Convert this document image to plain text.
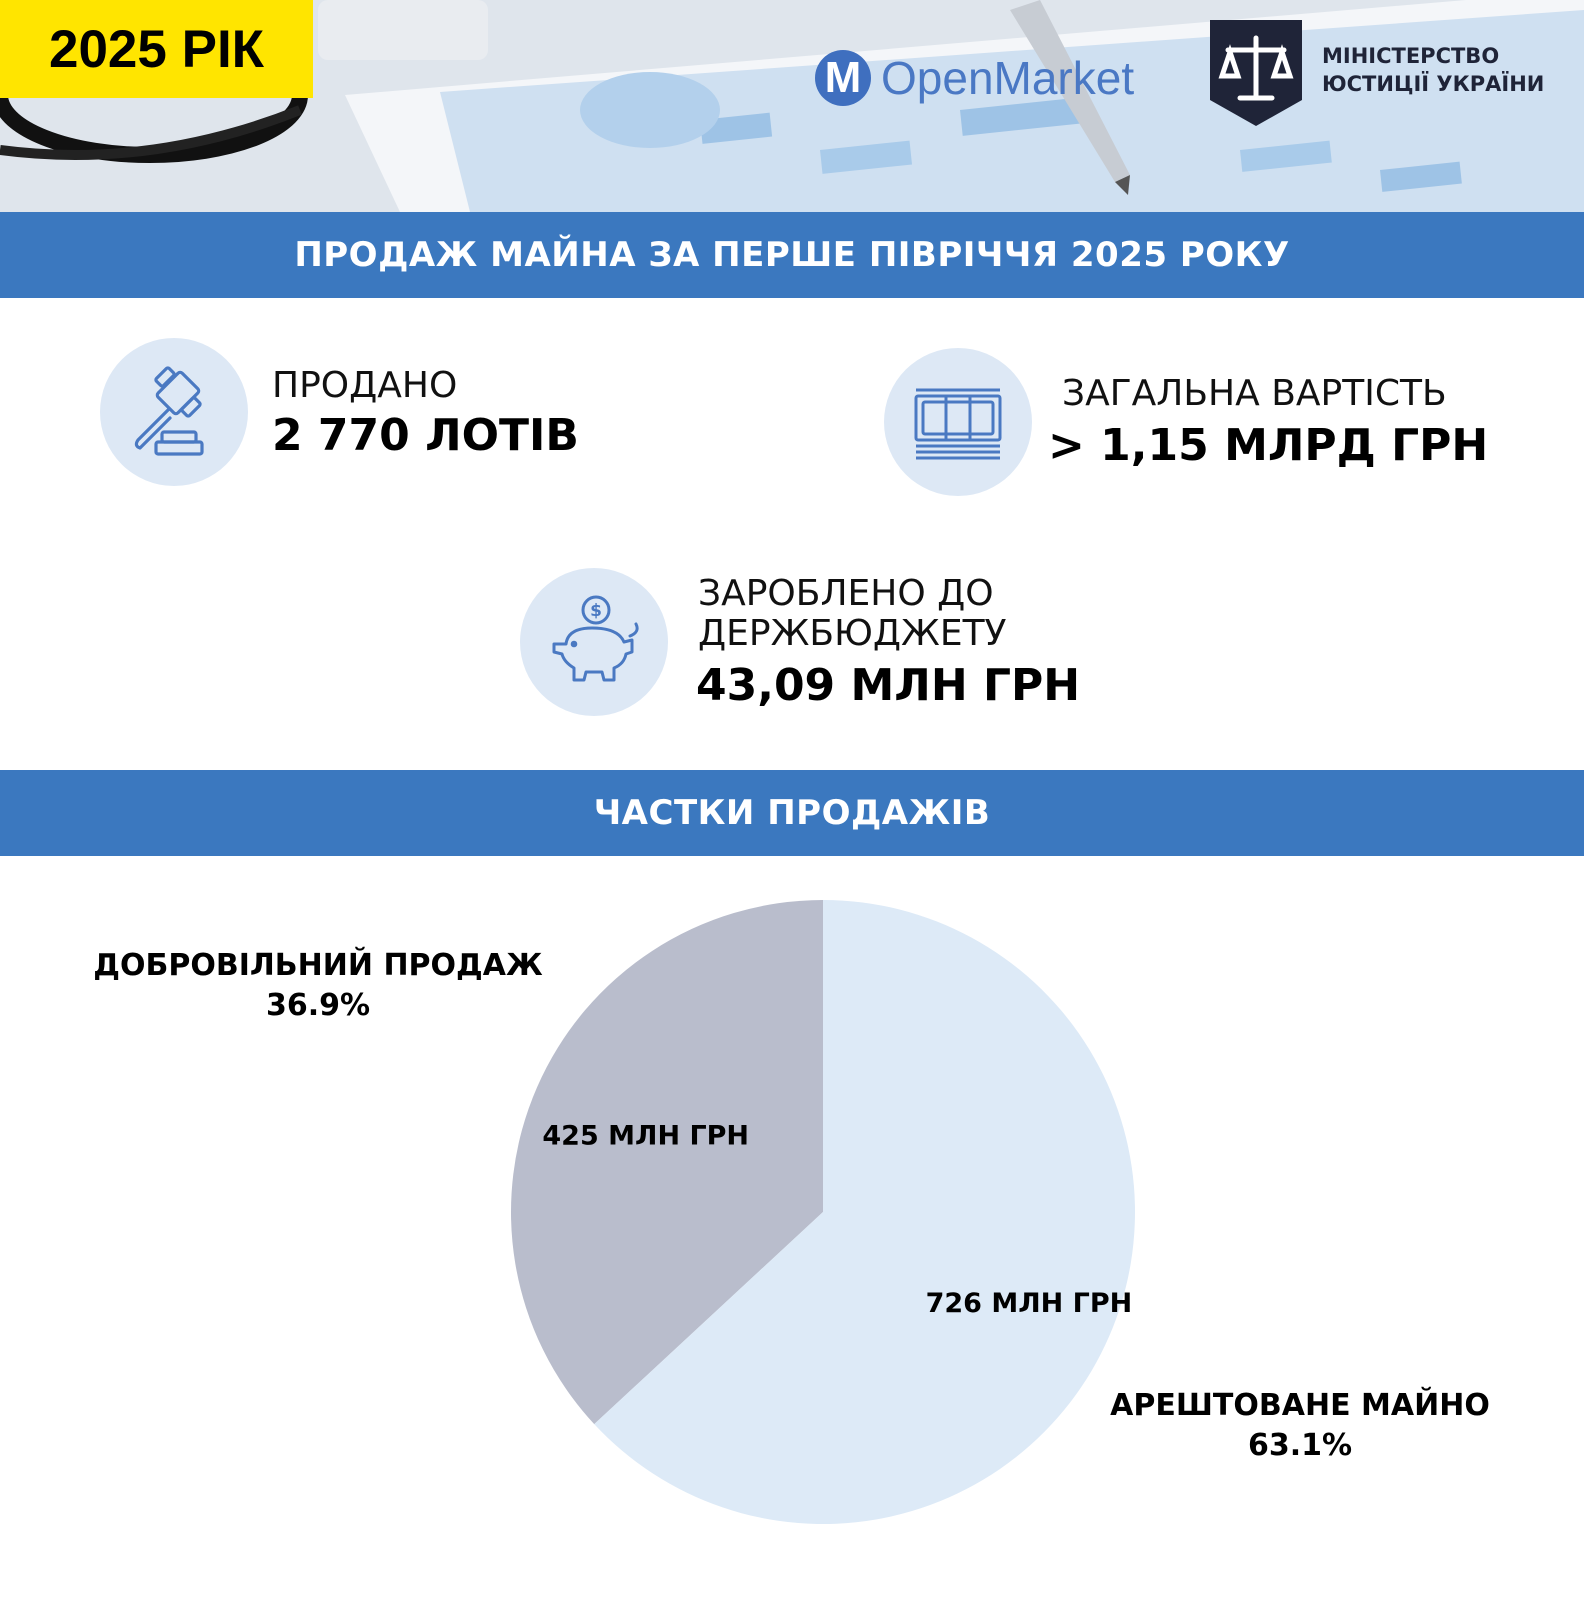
2025 РІК	M OpenMarket	МІНІСТЕРСТВО
ЮСТИЦІЇ УКРАЇНИ
ПРОДАЖ МАЙНА ЗА ПЕРШЕ ПІВРІЧЧЯ 2025 РОКУ
ПРОДАНО
2 770 ЛОТІВ
ЗАГАЛЬНА ВАРТІСТЬ
> 1,15 МЛРД ГРН
$	ЗАРОБЛЕНО ДО
ДЕРЖБЮДЖЕТУ
43,09 МЛН ГРН
ЧАСТКИ ПРОДАЖІВ
425 МЛН ГРН
ДОБРОВІЛЬНИЙ ПРОДАЖ
36.9%
726 МЛН ГРН
АРЕШТОВАНЕ МАЙНО
63.1%
